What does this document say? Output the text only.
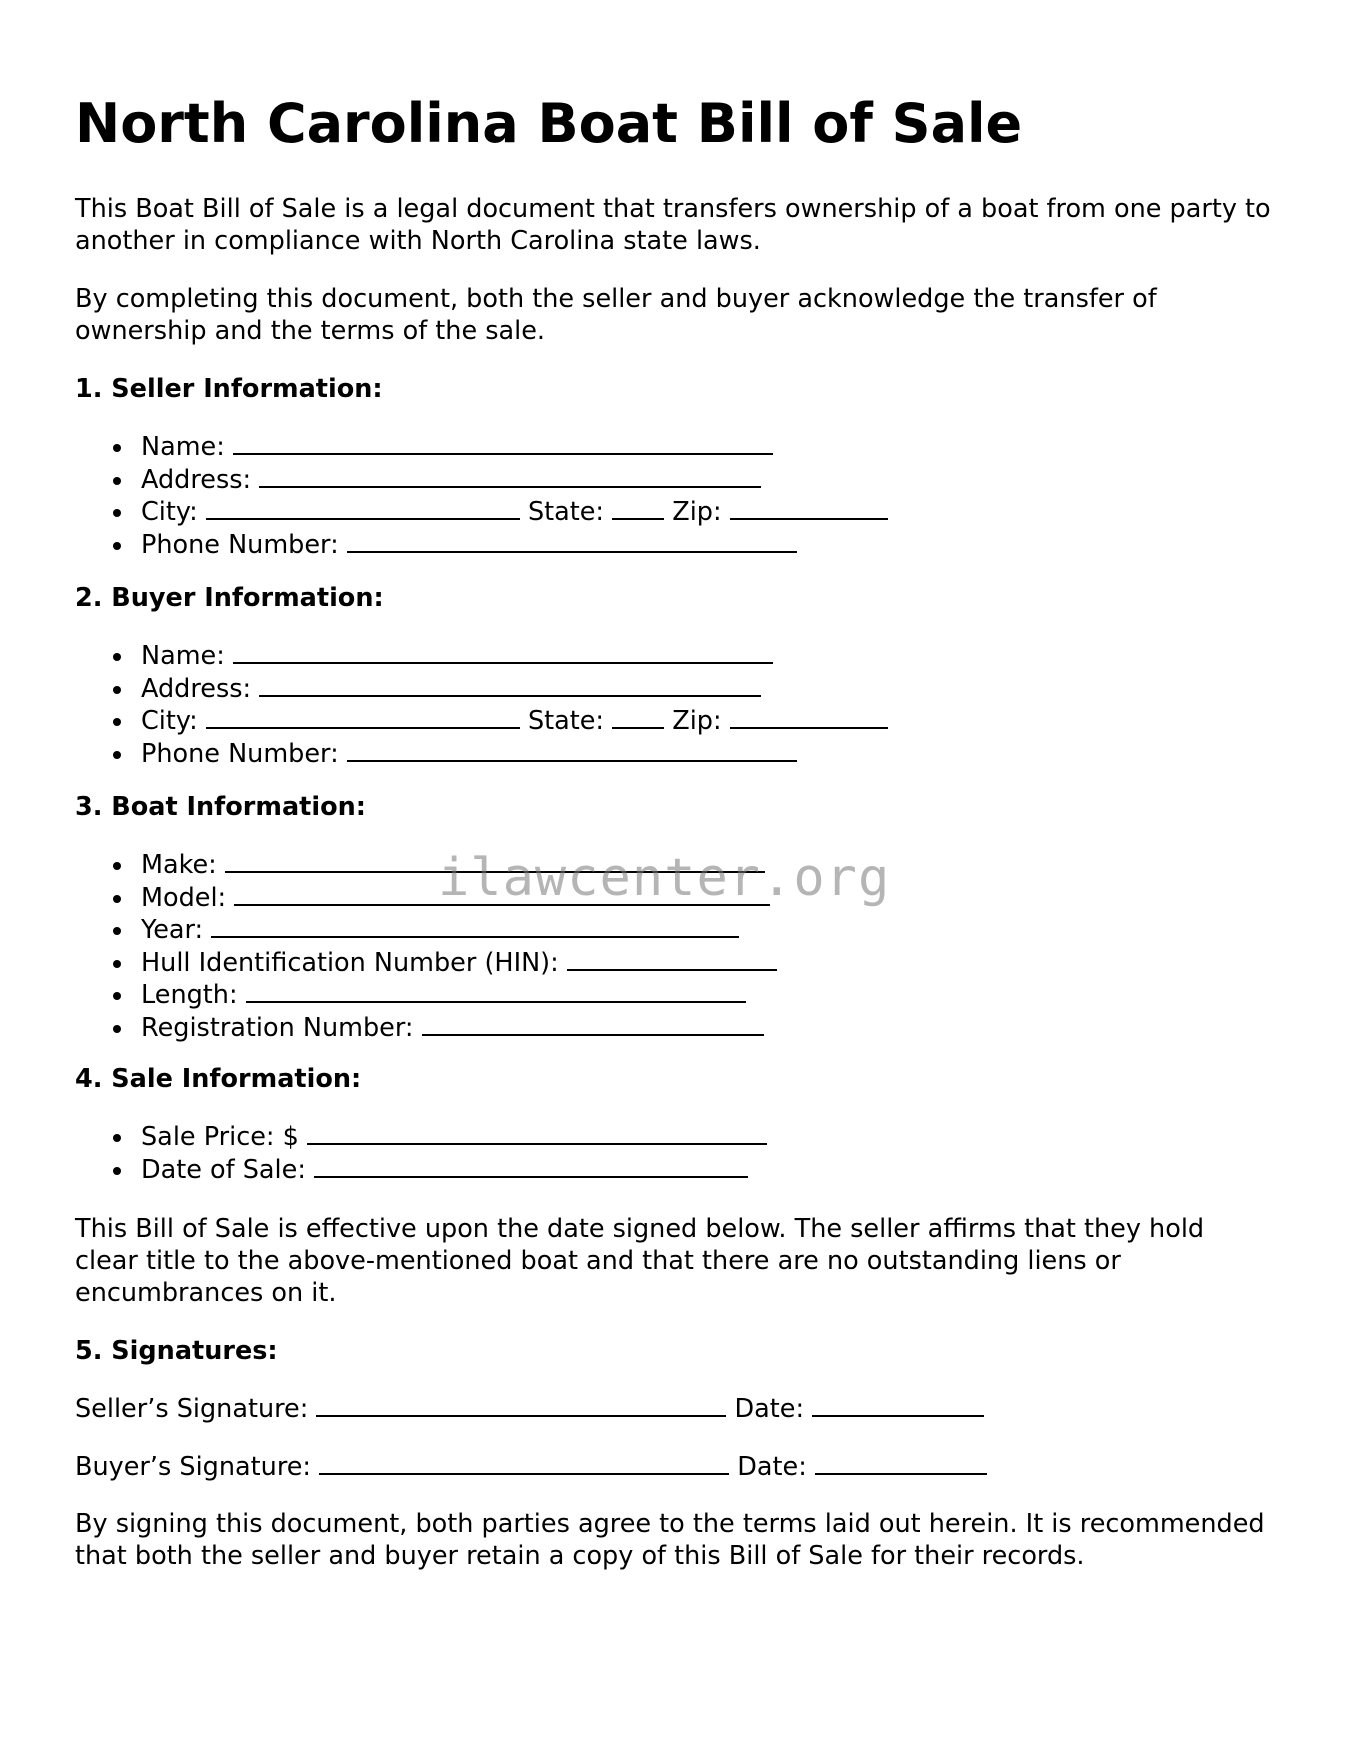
North Carolina Boat Bill of Sale

This Boat Bill of Sale is a legal document that transfers ownership of a boat from one party to another in compliance with North Carolina state laws.

By completing this document, both the seller and buyer acknowledge the transfer of ownership and the terms of the sale.

1. Seller Information:

Name:
Address:
City:	State:	Zip:
Phone Number:

2. Buyer Information:

Name:
Address:
City:	State:	Zip:
Phone Number:

3. Boat Information:

Make:
Model:
Year:
Hull Identification Number (HIN):
Length:
Registration Number:

4. Sale Information:

Sale Price: $
Date of Sale:

This Bill of Sale is effective upon the date signed below. The seller affirms that they hold clear title to the above-mentioned boat and that there are no outstanding liens or encumbrances on it.

5. Signatures:

Seller’s Signature:	Date:

Buyer’s Signature:	Date:

By signing this document, both parties agree to the terms laid out herein. It is recommended that both the seller and buyer retain a copy of this Bill of Sale for their records.

ilawcenter.org
